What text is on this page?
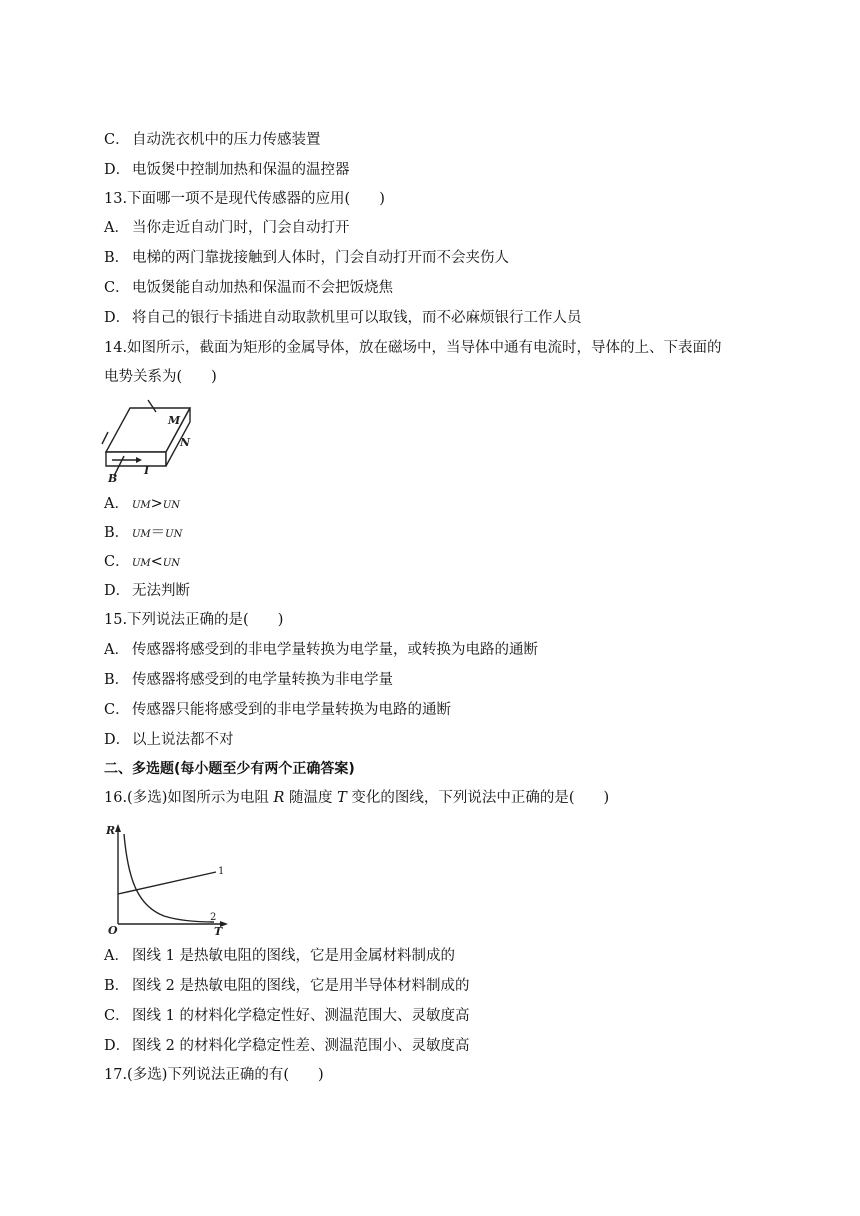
C． 自动洗衣机中的压力传感装置
D． 电饭煲中控制加热和保温的温控器
13.下面哪一项不是现代传感器的应用(　　)
A． 当你走近自动门时，门会自动打开
B． 电梯的两门靠拢接触到人体时，门会自动打开而不会夹伤人
C． 电饭煲能自动加热和保温而不会把饭烧焦
D． 将自己的银行卡插进自动取款机里可以取钱，而不必麻烦银行工作人员
14.如图所示，截面为矩形的金属导体，放在磁场中，当导体中通有电流时，导体的上、下表面的
电势关系为(　　)
M
N
B
I
A． UM>UN
B． UM＝UN
C． UM<UN
D． 无法判断
15.下列说法正确的是(　　)
A． 传感器将感受到的非电学量转换为电学量，或转换为电路的通断
B． 传感器将感受到的电学量转换为非电学量
C． 传感器只能将感受到的非电学量转换为电路的通断
D． 以上说法都不对
二、多选题(每小题至少有两个正确答案)
16.(多选)如图所示为电阻 R 随温度 T 变化的图线，下列说法中正确的是(　　)
R
T
O
1
2
A． 图线 1 是热敏电阻的图线，它是用金属材料制成的
B． 图线 2 是热敏电阻的图线，它是用半导体材料制成的
C． 图线 1 的材料化学稳定性好、测温范围大、灵敏度高
D． 图线 2 的材料化学稳定性差、测温范围小、灵敏度高
17.(多选)下列说法正确的有(　　)
